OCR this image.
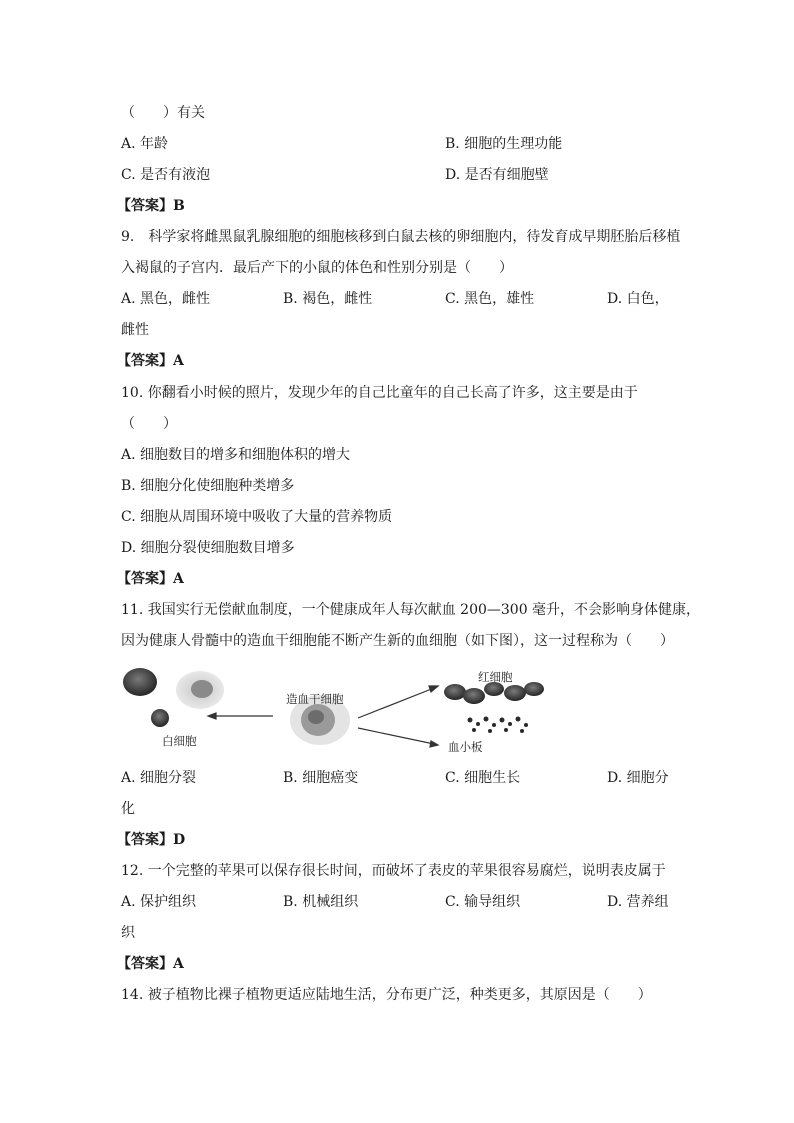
（　　）有关
A. 年龄	B. 细胞的生理功能
C. 是否有液泡	D. 是否有细胞壁
【答案】B
9.　科学家将雌黑鼠乳腺细胞的细胞核移到白鼠去核的卵细胞内，待发育成早期胚胎后移植
入褐鼠的子宫内．最后产下的小鼠的体色和性别分别是（　　）
A. 黑色，雌性	B. 褐色，雌性	C. 黑色，雄性	D. 白色，
雌性
【答案】A
10. 你翻看小时候的照片，发现少年的自己比童年的自己长高了许多，这主要是由于
（　　）
A. 细胞数目的增多和细胞体积的增大
B. 细胞分化使细胞种类增多
C. 细胞从周围环境中吸收了大量的营养物质
D. 细胞分裂使细胞数目增多
【答案】A
11. 我国实行无偿献血制度，一个健康成年人每次献血 200—300 毫升，不会影响身体健康，
因为健康人骨髓中的造血干细胞能不断产生新的血细胞（如下图），这一过程称为（　　）
造血干细胞
白细胞
红细胞
血小板
A. 细胞分裂	B. 细胞癌变	C. 细胞生长	D. 细胞分
化
【答案】D
12. 一个完整的苹果可以保存很长时间，而破坏了表皮的苹果很容易腐烂，说明表皮属于
A. 保护组织	B. 机械组织	C. 输导组织	D. 营养组
织
【答案】A
14. 被子植物比裸子植物更适应陆地生活，分布更广泛，种类更多，其原因是（　　）
